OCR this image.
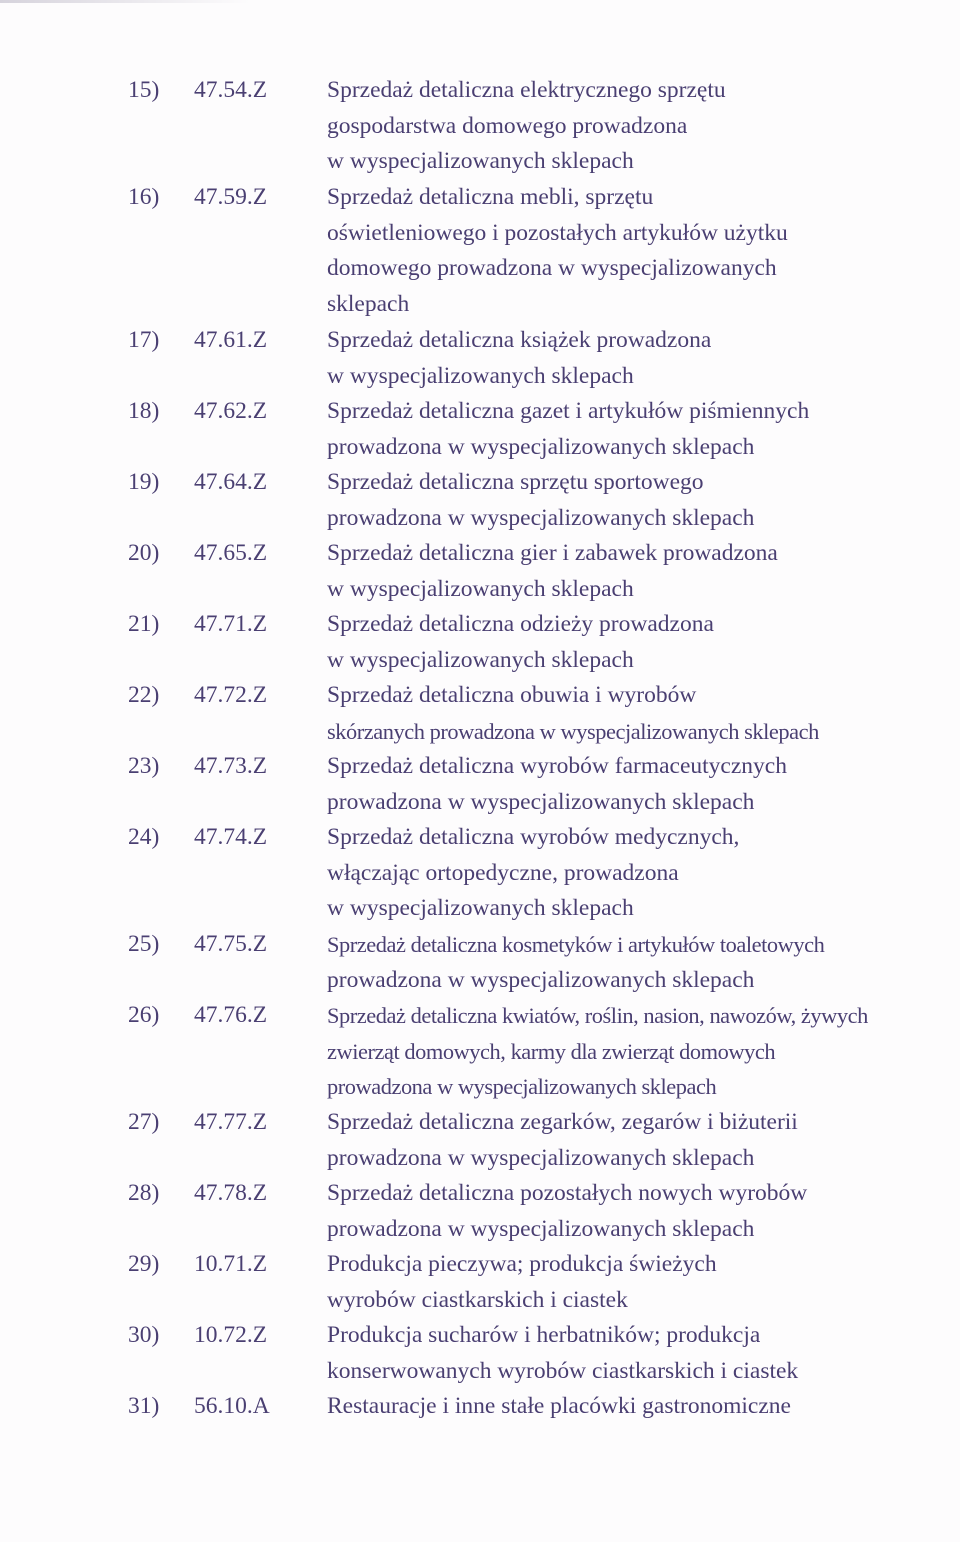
15) 47.54.Z	Sprzedaż detaliczna elektrycznego sprzętu
gospodarstwa domowego prowadzona
w wyspecjalizowanych sklepach
16) 47.59.Z	Sprzedaż detaliczna mebli, sprzętu
oświetleniowego i pozostałych artykułów użytku
domowego prowadzona w wyspecjalizowanych
sklepach
17) 47.61.Z	Sprzedaż detaliczna książek prowadzona
w wyspecjalizowanych sklepach
18) 47.62.Z	Sprzedaż detaliczna gazet i artykułów piśmiennych
prowadzona w wyspecjalizowanych sklepach
19) 47.64.Z	Sprzedaż detaliczna sprzętu sportowego
prowadzona w wyspecjalizowanych sklepach
20) 47.65.Z	Sprzedaż detaliczna gier i zabawek prowadzona
w wyspecjalizowanych sklepach
21) 47.71.Z	Sprzedaż detaliczna odzieży prowadzona
w wyspecjalizowanych sklepach
22) 47.72.Z	Sprzedaż detaliczna obuwia i wyrobów
skórzanych prowadzona w wyspecjalizowanych sklepach
23) 47.73.Z	Sprzedaż detaliczna wyrobów farmaceutycznych
prowadzona w wyspecjalizowanych sklepach
24) 47.74.Z	Sprzedaż detaliczna wyrobów medycznych,
włączając ortopedyczne, prowadzona
w wyspecjalizowanych sklepach
25) 47.75.Z	Sprzedaż detaliczna kosmetyków i artykułów toaletowych
prowadzona w wyspecjalizowanych sklepach
26) 47.76.Z	Sprzedaż detaliczna kwiatów, roślin, nasion, nawozów, żywych
zwierząt domowych, karmy dla zwierząt domowych
prowadzona w wyspecjalizowanych sklepach
27) 47.77.Z	Sprzedaż detaliczna zegarków, zegarów i biżuterii
prowadzona w wyspecjalizowanych sklepach
28) 47.78.Z	Sprzedaż detaliczna pozostałych nowych wyrobów
prowadzona w wyspecjalizowanych sklepach
29) 10.71.Z	Produkcja pieczywa; produkcja świeżych
wyrobów ciastkarskich i ciastek
30) 10.72.Z	Produkcja sucharów i herbatników; produkcja
konserwowanych wyrobów ciastkarskich i ciastek
31) 56.10.A Restauracje i inne stałe placówki gastronomiczne
